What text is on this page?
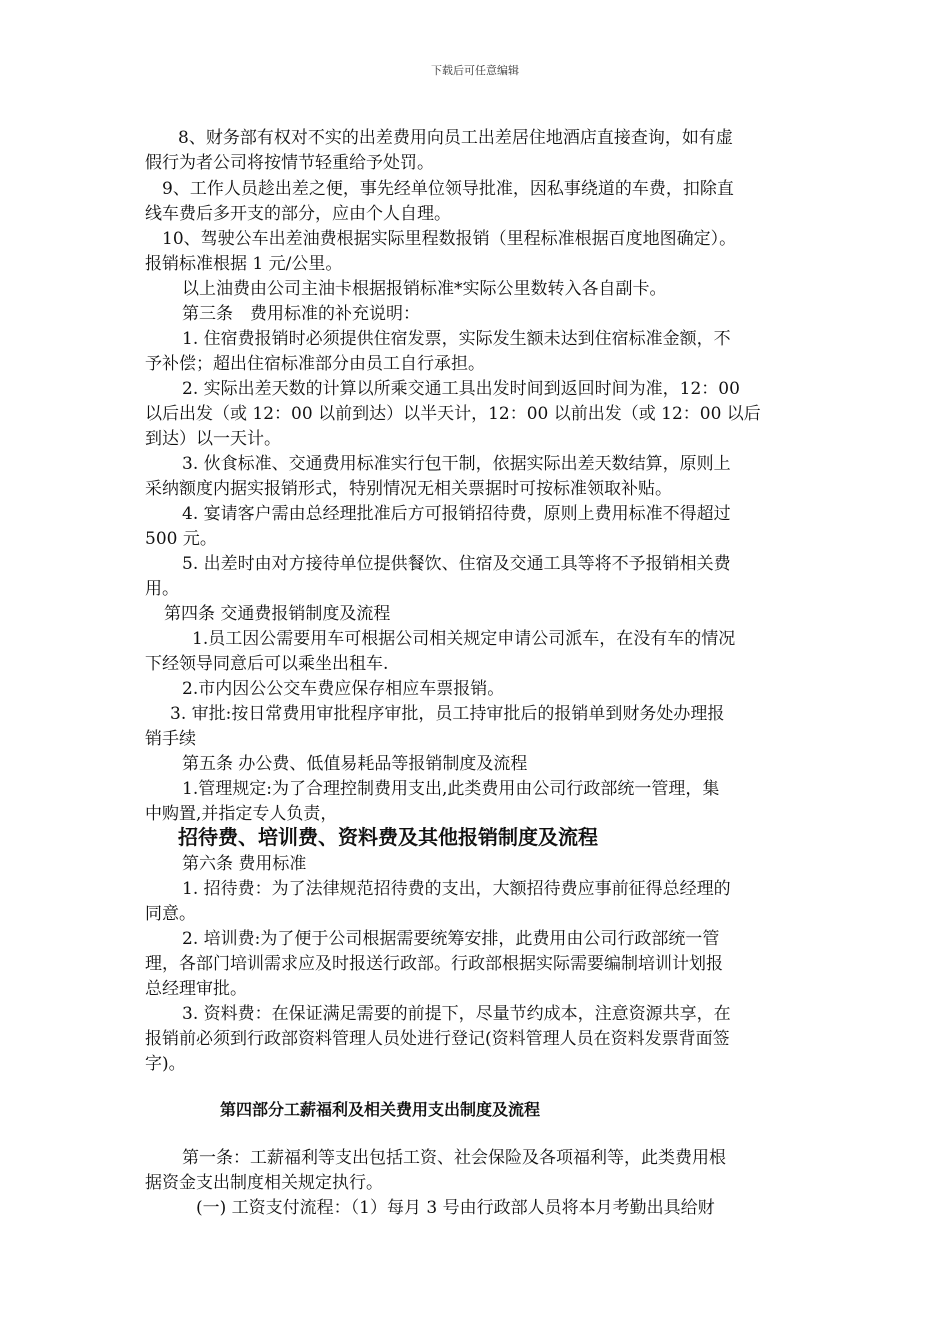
下载后可任意编辑
8、财务部有权对不实的出差费用向员工出差居住地酒店直接查询，如有虚
假行为者公司将按情节轻重给予处罚。
9、工作人员趁出差之便，事先经单位领导批准，因私事绕道的车费，扣除直
线车费后多开支的部分，应由个人自理。
10、驾驶公车出差油费根据实际里程数报销（里程标准根据百度地图确定）。
报销标准根据 1 元/公里。
以上油费由公司主油卡根据报销标准*实际公里数转入各自副卡。
第三条　费用标准的补充说明：
1. 住宿费报销时必须提供住宿发票，实际发生额未达到住宿标准金额，不
予补偿；超出住宿标准部分由员工自行承担。
2. 实际出差天数的计算以所乘交通工具出发时间到返回时间为准，12：00
以后出发（或 12：00 以前到达）以半天计，12：00 以前出发（或 12：00 以后
到达）以一天计。
3. 伙食标准、交通费用标准实行包干制，依据实际出差天数结算，原则上
采纳额度内据实报销形式，特别情况无相关票据时可按标准领取补贴。
4. 宴请客户需由总经理批准后方可报销招待费，原则上费用标准不得超过
500 元。
5. 出差时由对方接待单位提供餐饮、住宿及交通工具等将不予报销相关费
用。
第四条 交通费报销制度及流程
1.员工因公需要用车可根据公司相关规定申请公司派车，在没有车的情况
下经领导同意后可以乘坐出租车.
2.市内因公公交车费应保存相应车票报销。
3. 审批:按日常费用审批程序审批，员工持审批后的报销单到财务处办理报
销手续
第五条 办公费、低值易耗品等报销制度及流程
1.管理规定:为了合理控制费用支出,此类费用由公司行政部统一管理，集
中购置,并指定专人负责，
招待费、培训费、资料费及其他报销制度及流程
第六条 费用标准
1. 招待费：为了法律规范招待费的支出，大额招待费应事前征得总经理的
同意。
2. 培训费:为了便于公司根据需要统筹安排，此费用由公司行政部统一管
理，各部门培训需求应及时报送行政部。行政部根据实际需要编制培训计划报
总经理审批。
3. 资料费：在保证满足需要的前提下，尽量节约成本，注意资源共享，在
报销前必须到行政部资料管理人员处进行登记(资料管理人员在资料发票背面签
字)。
第四部分工薪福利及相关费用支出制度及流程
第一条：工薪福利等支出包括工资、社会保险及各项福利等，此类费用根
据资金支出制度相关规定执行。
(一) 工资支付流程：（1）每月 3 号由行政部人员将本月考勤出具给财
